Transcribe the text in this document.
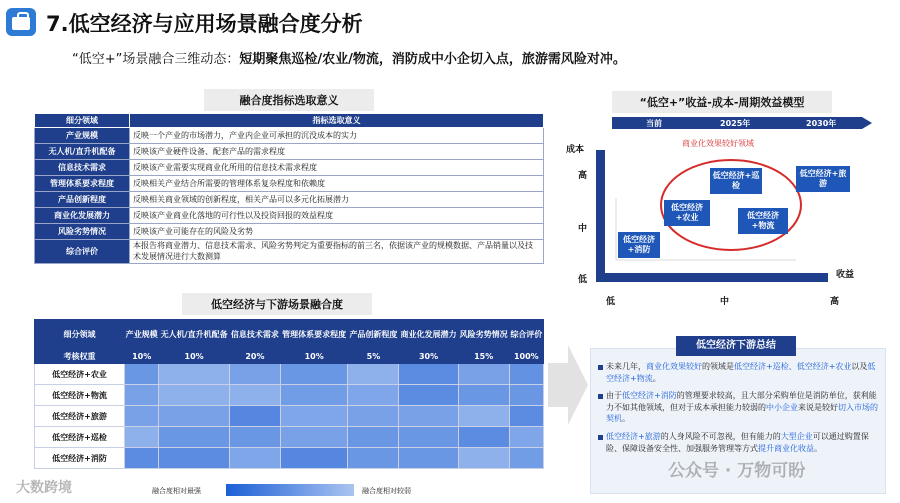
7.低空经济与应用场景融合度分析
“低空+”场景融合三维动态：短期聚焦巡检/农业/物流，消防成中小企切入点，旅游需风险对冲。
融合度指标选取意义
细分领域	指标选取意义
产业规模	反映一个产业的市场潜力，产业内企业可承担的沉没成本的实力
无人机/直升机配备	反映该产业硬件设备、配套产品的需求程度
信息技术需求	反映该产业需要实现商业化所用的信息技术需求程度
管理体系要求程度	反映相关产业结合所需要的管理体系复杂程度和依赖度
产品创新程度	反映相关商业领域的创新程度，相关产品可以多元化拓展潜力
商业化发展潜力	反映该产业商业化落地的可行性以及投资回报的效益程度
风险劣势情况	反映该产业可能存在的风险及劣势
综合评价	本报告将商业潜力、信息技术需求、风险劣势判定为重要指标的前三名，依据该产业的规模数据、产品销量以及技术发展情况进行大数测算
低空经济与下游场景融合度
细分领域	产业规模	无人机/直升机配备	信息技术需求	管理体系要求程度	产品创新程度	商业化发展潜力	风险劣势情况	综合评价
考核权重	10%	10%	20%	10%	5%	30%	15%	100%
低空经济+农业								
低空经济+物流								
低空经济+旅游								
低空经济+巡检								
低空经济+消防								
融合度相对最强	融合度相对较弱
“低空+”收益-成本-周期效益模型
当前	2025年	2030年
成本
高
中
低	收益
低	中	高
商业化效果较好领域
低空经济+消防
低空经济+农业
低空经济+巡检
低空经济+物流
低空经济+旅游
低空经济下游总结
未来几年，商业化效果较好的领域是低空经济+巡检、低空经济+农业以及低空经济+物流。
由于低空经济+消防的管理要求较高，且大部分采购单位是消防单位，获利能力不如其他领域，但对于成本承担能力较弱的中小企业来说是较好切入市场的契机。
低空经济+旅游的人身风险不可忽视，但有能力的大型企业可以通过购置保险、保障设备安全性、加强服务管理等方式提升商业化收益。
大数跨境
公众号 · 万物可盼
